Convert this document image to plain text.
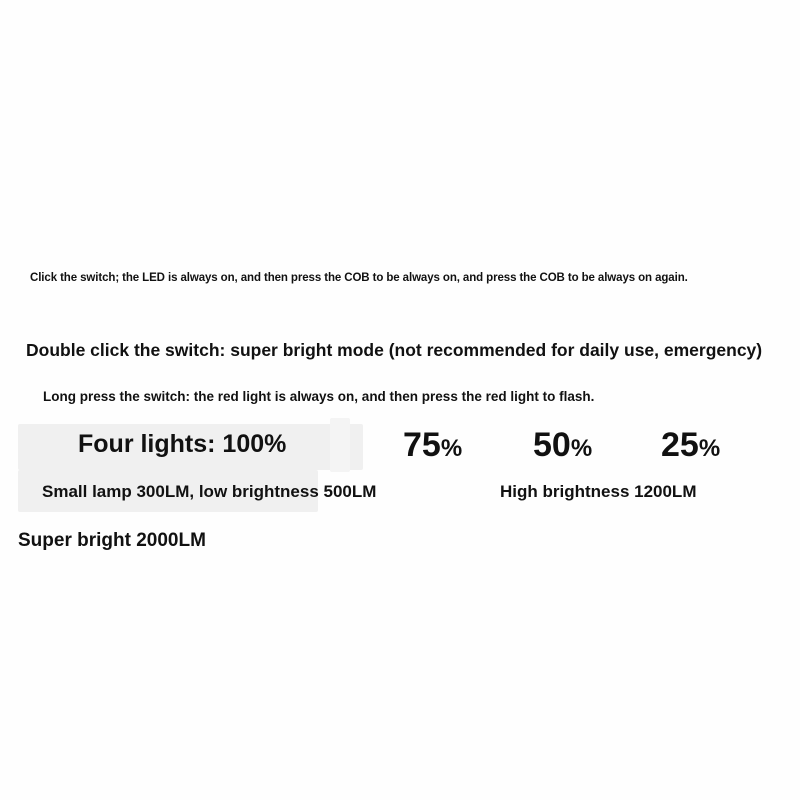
Click the switch; the LED is always on, and then press the COB to be always on, and press the COB to be always on again.
Double click the switch: super bright mode (not recommended for daily use, emergency)
Long press the switch: the red light is always on, and then press the red light to flash.
Four lights: 100%	75% 50% 25%
Small lamp 300LM, low brightness 500LM	High brightness 1200LM
Super bright 2000LM
